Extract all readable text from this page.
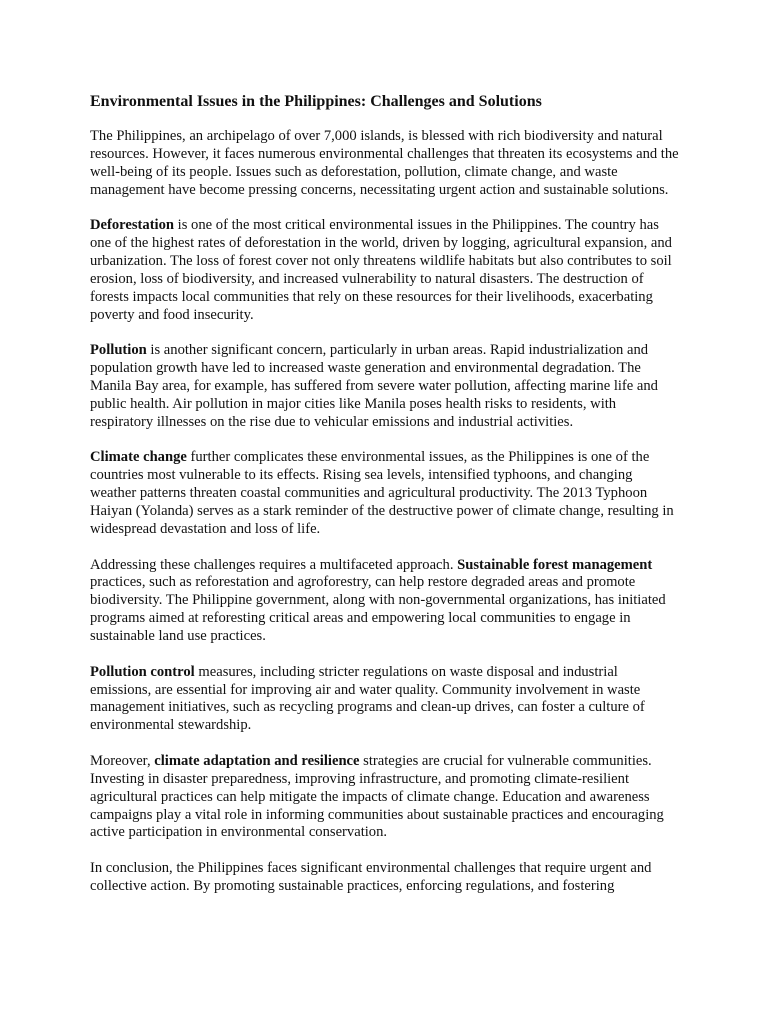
Environmental Issues in the Philippines: Challenges and Solutions

The Philippines, an archipelago of over 7,000 islands, is blessed with rich biodiversity and natural resources. However, it faces numerous environmental challenges that threaten its ecosystems and the well-being of its people. Issues such as deforestation, pollution, climate change, and waste management have become pressing concerns, necessitating urgent action and sustainable solutions.

Deforestation is one of the most critical environmental issues in the Philippines. The country has one of the highest rates of deforestation in the world, driven by logging, agricultural expansion, and urbanization. The loss of forest cover not only threatens wildlife habitats but also contributes to soil erosion, loss of biodiversity, and increased vulnerability to natural disasters. The destruction of forests impacts local communities that rely on these resources for their livelihoods, exacerbating poverty and food insecurity.

Pollution is another significant concern, particularly in urban areas. Rapid industrialization and population growth have led to increased waste generation and environmental degradation. The Manila Bay area, for example, has suffered from severe water pollution, affecting marine life and public health. Air pollution in major cities like Manila poses health risks to residents, with respiratory illnesses on the rise due to vehicular emissions and industrial activities.

Climate change further complicates these environmental issues, as the Philippines is one of the countries most vulnerable to its effects. Rising sea levels, intensified typhoons, and changing weather patterns threaten coastal communities and agricultural productivity. The 2013 Typhoon Haiyan (Yolanda) serves as a stark reminder of the destructive power of climate change, resulting in widespread devastation and loss of life.

Addressing these challenges requires a multifaceted approach. Sustainable forest management practices, such as reforestation and agroforestry, can help restore degraded areas and promote biodiversity. The Philippine government, along with non-governmental organizations, has initiated programs aimed at reforesting critical areas and empowering local communities to engage in sustainable land use practices.

Pollution control measures, including stricter regulations on waste disposal and industrial emissions, are essential for improving air and water quality. Community involvement in waste management initiatives, such as recycling programs and clean-up drives, can foster a culture of environmental stewardship.

Moreover, climate adaptation and resilience strategies are crucial for vulnerable communities. Investing in disaster preparedness, improving infrastructure, and promoting climate-resilient agricultural practices can help mitigate the impacts of climate change. Education and awareness campaigns play a vital role in informing communities about sustainable practices and encouraging active participation in environmental conservation.

In conclusion, the Philippines faces significant environmental challenges that require urgent and collective action. By promoting sustainable practices, enforcing regulations, and fostering
